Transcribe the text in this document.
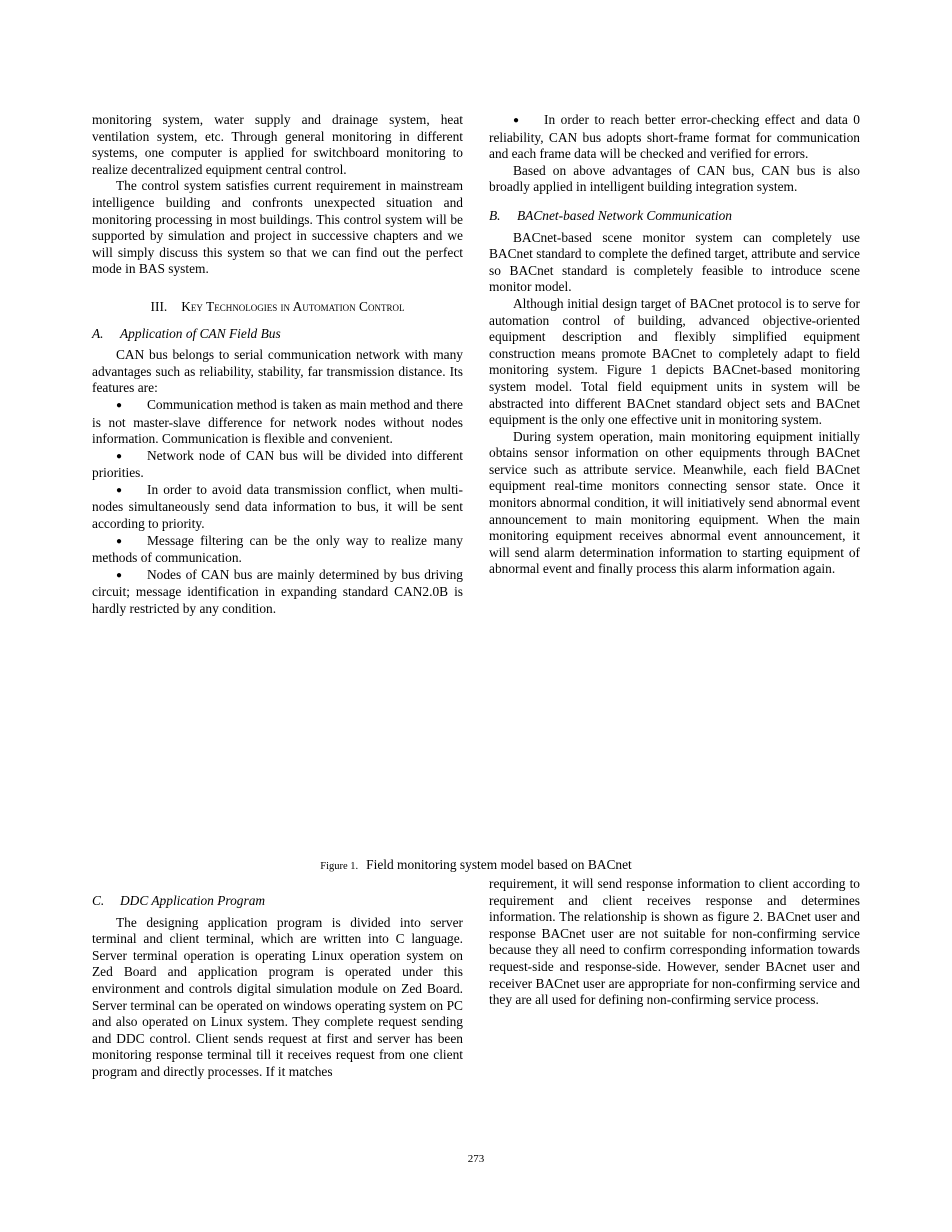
monitoring system, water supply and drainage system, heat ventilation system, etc. Through general monitoring in different systems, one computer is applied for switchboard monitoring to realize decentralized equipment central control.

The control system satisfies current requirement in mainstream intelligence building and confronts unexpected situation and monitoring processing in most buildings. This control system will be supported by simulation and project in successive chapters and we will simply discuss this system so that we can find out the perfect mode in BAS system.

III. Key Technologies in Automation Control
A. Application of CAN Field Bus

CAN bus belongs to serial communication network with many advantages such as reliability, stability, far transmission distance. Its features are:

● Communication method is taken as main method and there is not master-slave difference for network nodes without nodes information. Communication is flexible and convenient.

● Network node of CAN bus will be divided into different priorities.

● In order to avoid data transmission conflict, when multi-nodes simultaneously send data information to bus, it will be sent according to priority.

● Message filtering can be the only way to realize many methods of communication.

● Nodes of CAN bus are mainly determined by bus driving circuit; message identification in expanding standard CAN2.0B is hardly restricted by any condition.

● In order to reach better error-checking effect and data 0 reliability, CAN bus adopts short-frame format for communication and each frame data will be checked and verified for errors.

Based on above advantages of CAN bus, CAN bus is also broadly applied in intelligent building integration system.

B. BACnet-based Network Communication

BACnet-based scene monitor system can completely use BACnet standard to complete the defined target, attribute and service so BACnet standard is completely feasible to introduce scene monitor model.

Although initial design target of BACnet protocol is to serve for automation control of building, advanced objective-oriented equipment description and flexibly simplified equipment construction means promote BACnet to completely adapt to field monitoring system. Figure 1 depicts BACnet-based monitoring system model. Total field equipment units in system will be abstracted into different BACnet standard object sets and BACnet equipment is the only one effective unit in monitoring system.

During system operation, main monitoring equipment initially obtains sensor information on other equipments through BACnet service such as attribute service. Meanwhile, each field BACnet equipment real-time monitors connecting sensor state. Once it monitors abnormal condition, it will initiatively send abnormal event announcement to main monitoring equipment. When the main monitoring equipment receives abnormal event announcement, it will send alarm determination information to starting equipment of abnormal event and finally process this alarm information again.

Figure 1. Field monitoring system model based on BACnet
C. DDC Application Program

The designing application program is divided into server terminal and client terminal, which are written into C language. Server terminal operation is operating Linux operation system on Zed Board and application program is operated under this environment and controls digital simulation module on Zed Board. Server terminal can be operated on windows operating system on PC and also operated on Linux system. They complete request sending and DDC control. Client sends request at first and server has been monitoring response terminal till it receives request from one client program and directly processes. If it matches

requirement, it will send response information to client according to requirement and client receives response and determines information. The relationship is shown as figure 2. BACnet user and response BACnet user are not suitable for non-confirming service because they all need to confirm corresponding information towards request-side and response-side. However, sender BAcnet user and receiver BACnet user are appropriate for non-confirming service and they are all used for defining non-confirming service process.

273
